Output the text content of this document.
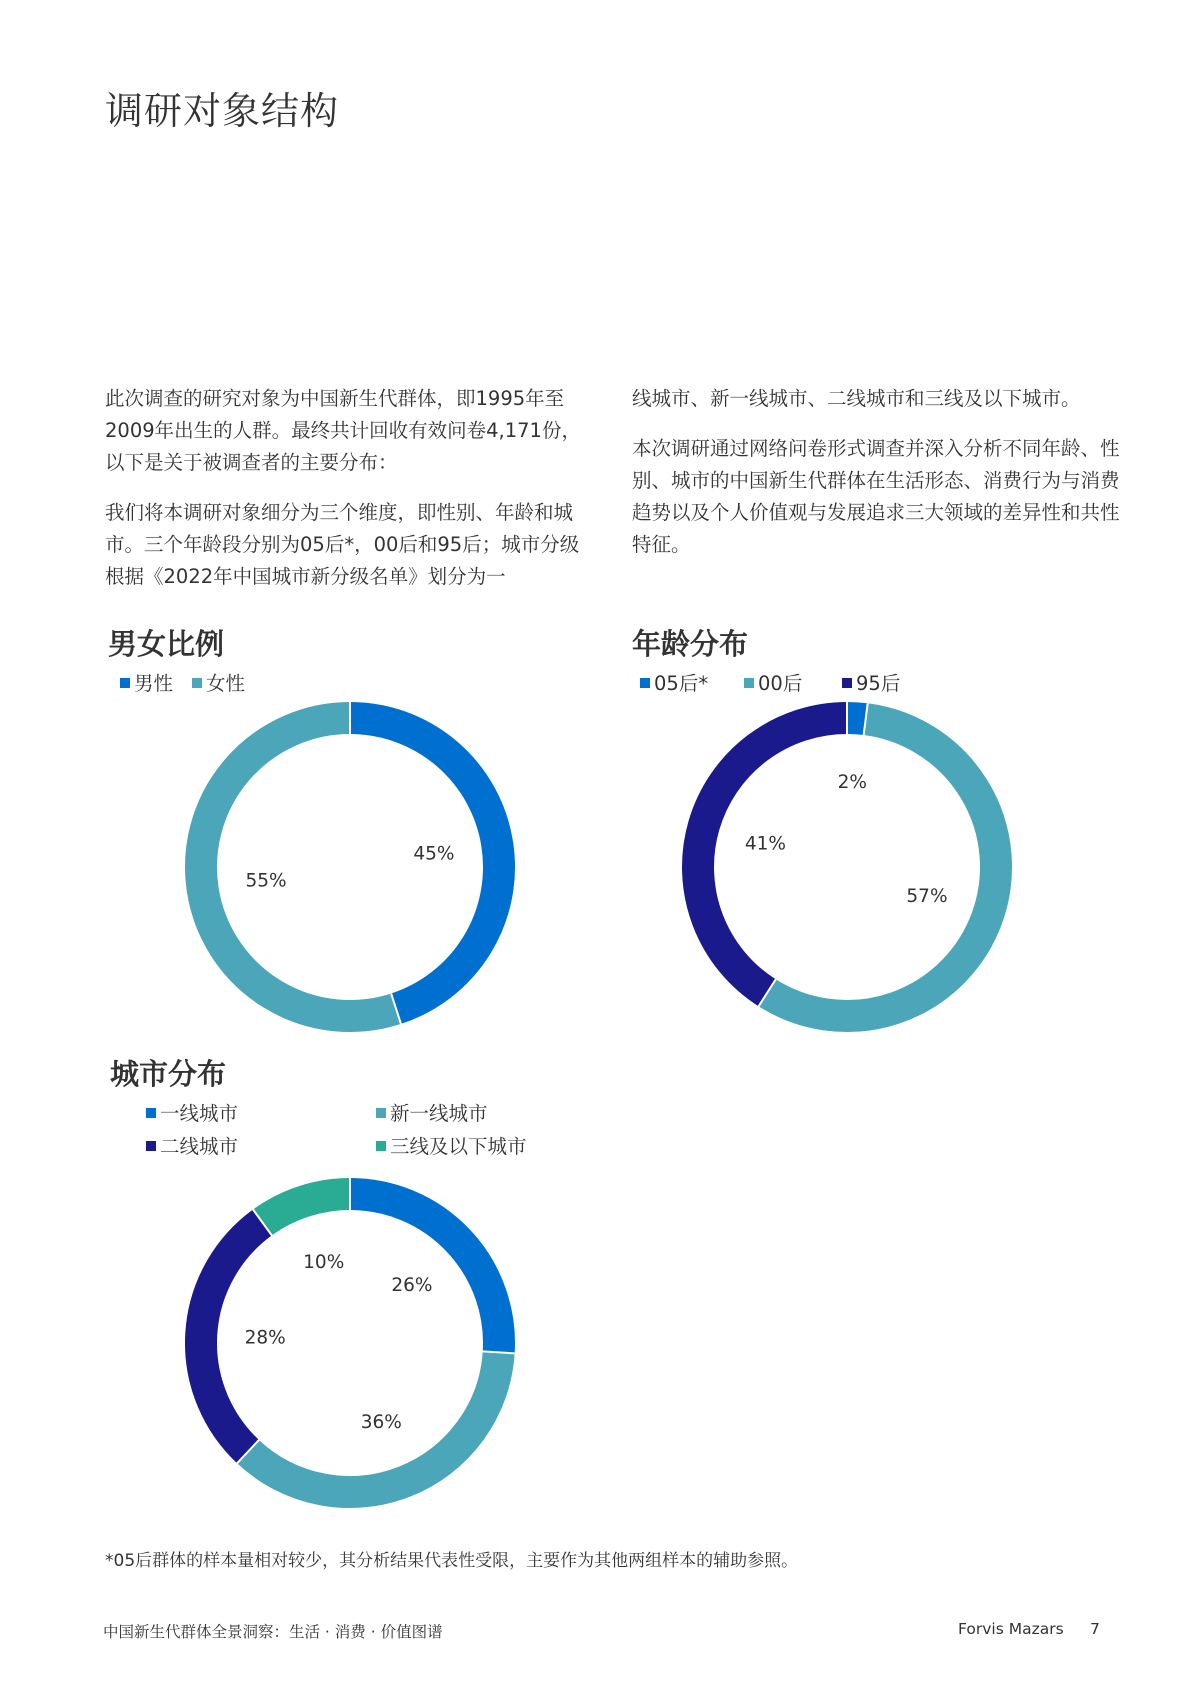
调研对象结构

此次调查的研究对象为中国新生代群体，即1995年至2009年出生的人群。最终共计回收有效问卷4,171份，以下是关于被调查者的主要分布：

我们将本调研对象细分为三个维度，即性别、年龄和城市。三个年龄段分别为05后*，00后和95后；城市分级根据《2022年中国城市新分级名单》划分为一

线城市、新一线城市、二线城市和三线及以下城市。

本次调研通过网络问卷形式调查并深入分析不同年龄、性别、城市的中国新生代群体在生活形态、消费行为与消费趋势以及个人价值观与发展追求三大领域的差异性和共性特征。

男女比例
男性	女性
45%
55%
年龄分布
05后*	00后	95后
2%
57%
41%
城市分布
一线城市	新一线城市
二线城市	三线及以下城市
26%
36%
28%
10%
*05后群体的样本量相对较少，其分析结果代表性受限，主要作为其他两组样本的辅助参照。
中国新生代群体全景洞察：生活 · 消费 · 价值图谱	Forvis Mazars 7
